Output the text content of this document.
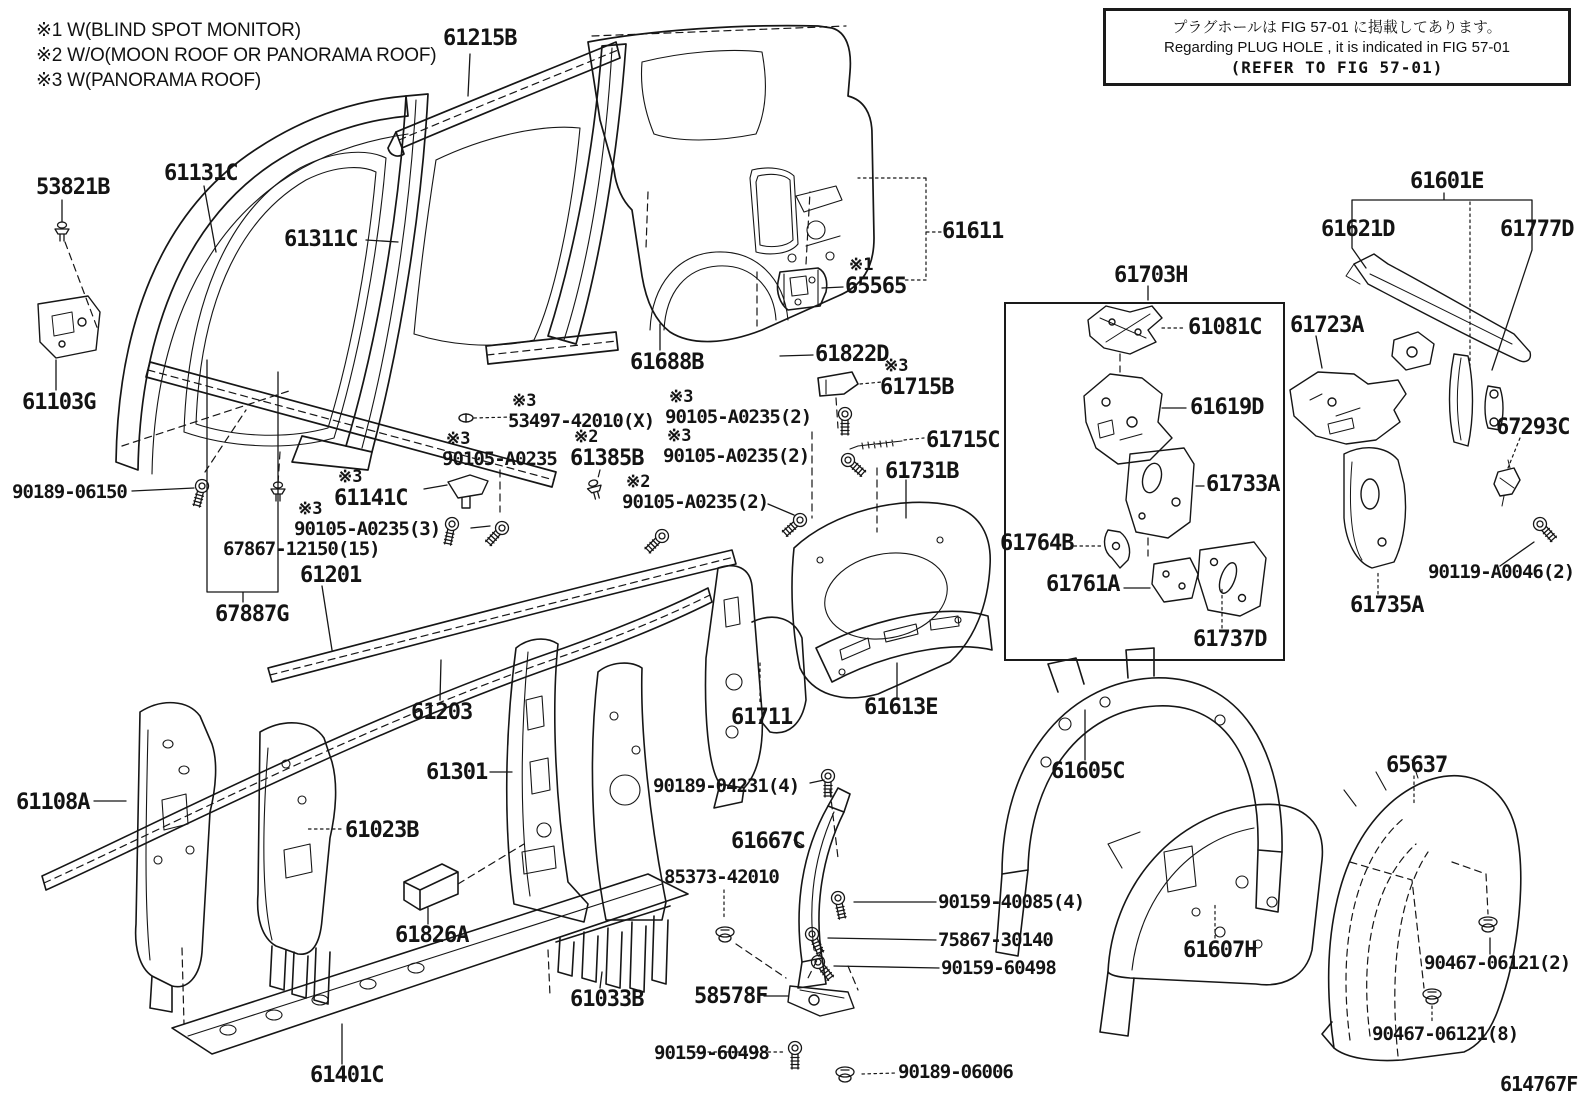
※1 W(BLIND SPOT MONITOR)
※2 W/O(MOON ROOF OR PANORAMA ROOF)
※3 W(PANORAMA ROOF)
プラグホールは FIG 57-01 に掲載してあります。
Regarding PLUG HOLE , it is indicated in FIG 57-01
(REFER TO FIG 57-01)
61215B
53821B
61131C
61311C
61103G
90189-06150
61611
※1
65565
61688B	61822D
※3
61715B
※3
53497-42010(X)
※3
90105-A0235
※2
61385B
※3
90105-A0235(2)
※3
90105-A0235(2)
61715C
※2
90105-A0235(2)
61731B
※3
61141C
※3
90105-A0235(3)
67867-12150(15)
61201
67887G
61203
61301
61023B
61826A
61108A
61033B
61401C
90189-04231(4)
61667C
85373-42010
90159-40085(4)
75867-30140
90159-60498
58578F
90159-60498
90189-06006
61711	61613E
61703H
61081C
61619D
61733A
61764B
61761A
61737D
61723A
61601E
61621D	61777D
67293C
61735A
90119-A0046(2)
61605C
61607H
65637
90467-06121(2)
90467-06121(8)
614767F
